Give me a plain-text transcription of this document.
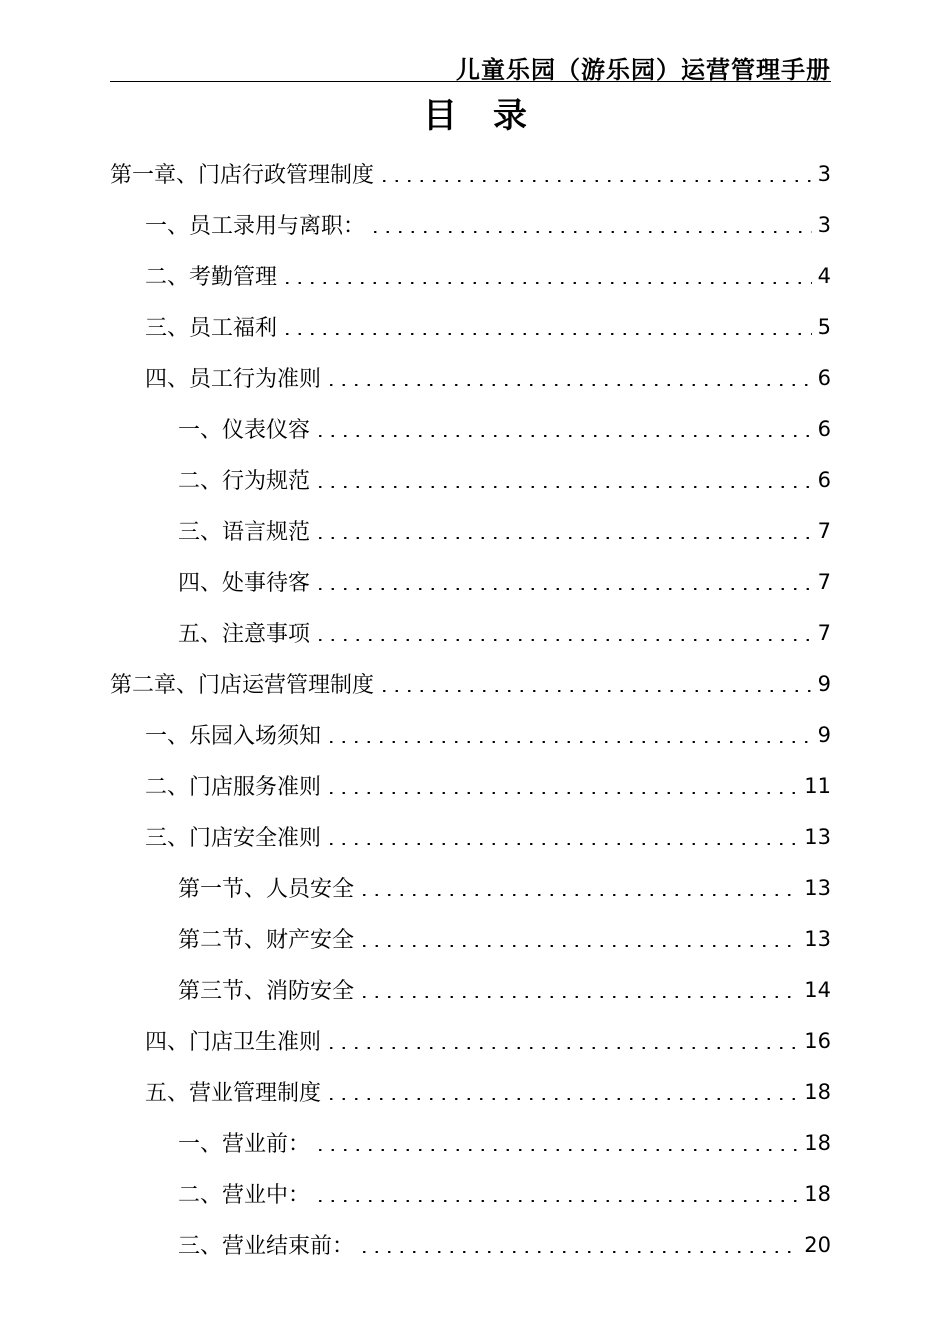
儿童乐园（游乐园）运营管理手册
目录
第一章、门店行政管理制度	3
一、员工录用与离职：	3
二、考勤管理	4
三、员工福利	5
四、员工行为准则	6
一、仪表仪容	6
二、行为规范	6
三、语言规范	7
四、处事待客	7
五、注意事项	7
第二章、门店运营管理制度	9
一、乐园入场须知	9
二、门店服务准则	11
三、门店安全准则	13
第一节、人员安全	13
第二节、财产安全	13
第三节、消防安全	14
四、门店卫生准则	16
五、营业管理制度	18
一、营业前：	18
二、营业中：	18
三、营业结束前：	20
